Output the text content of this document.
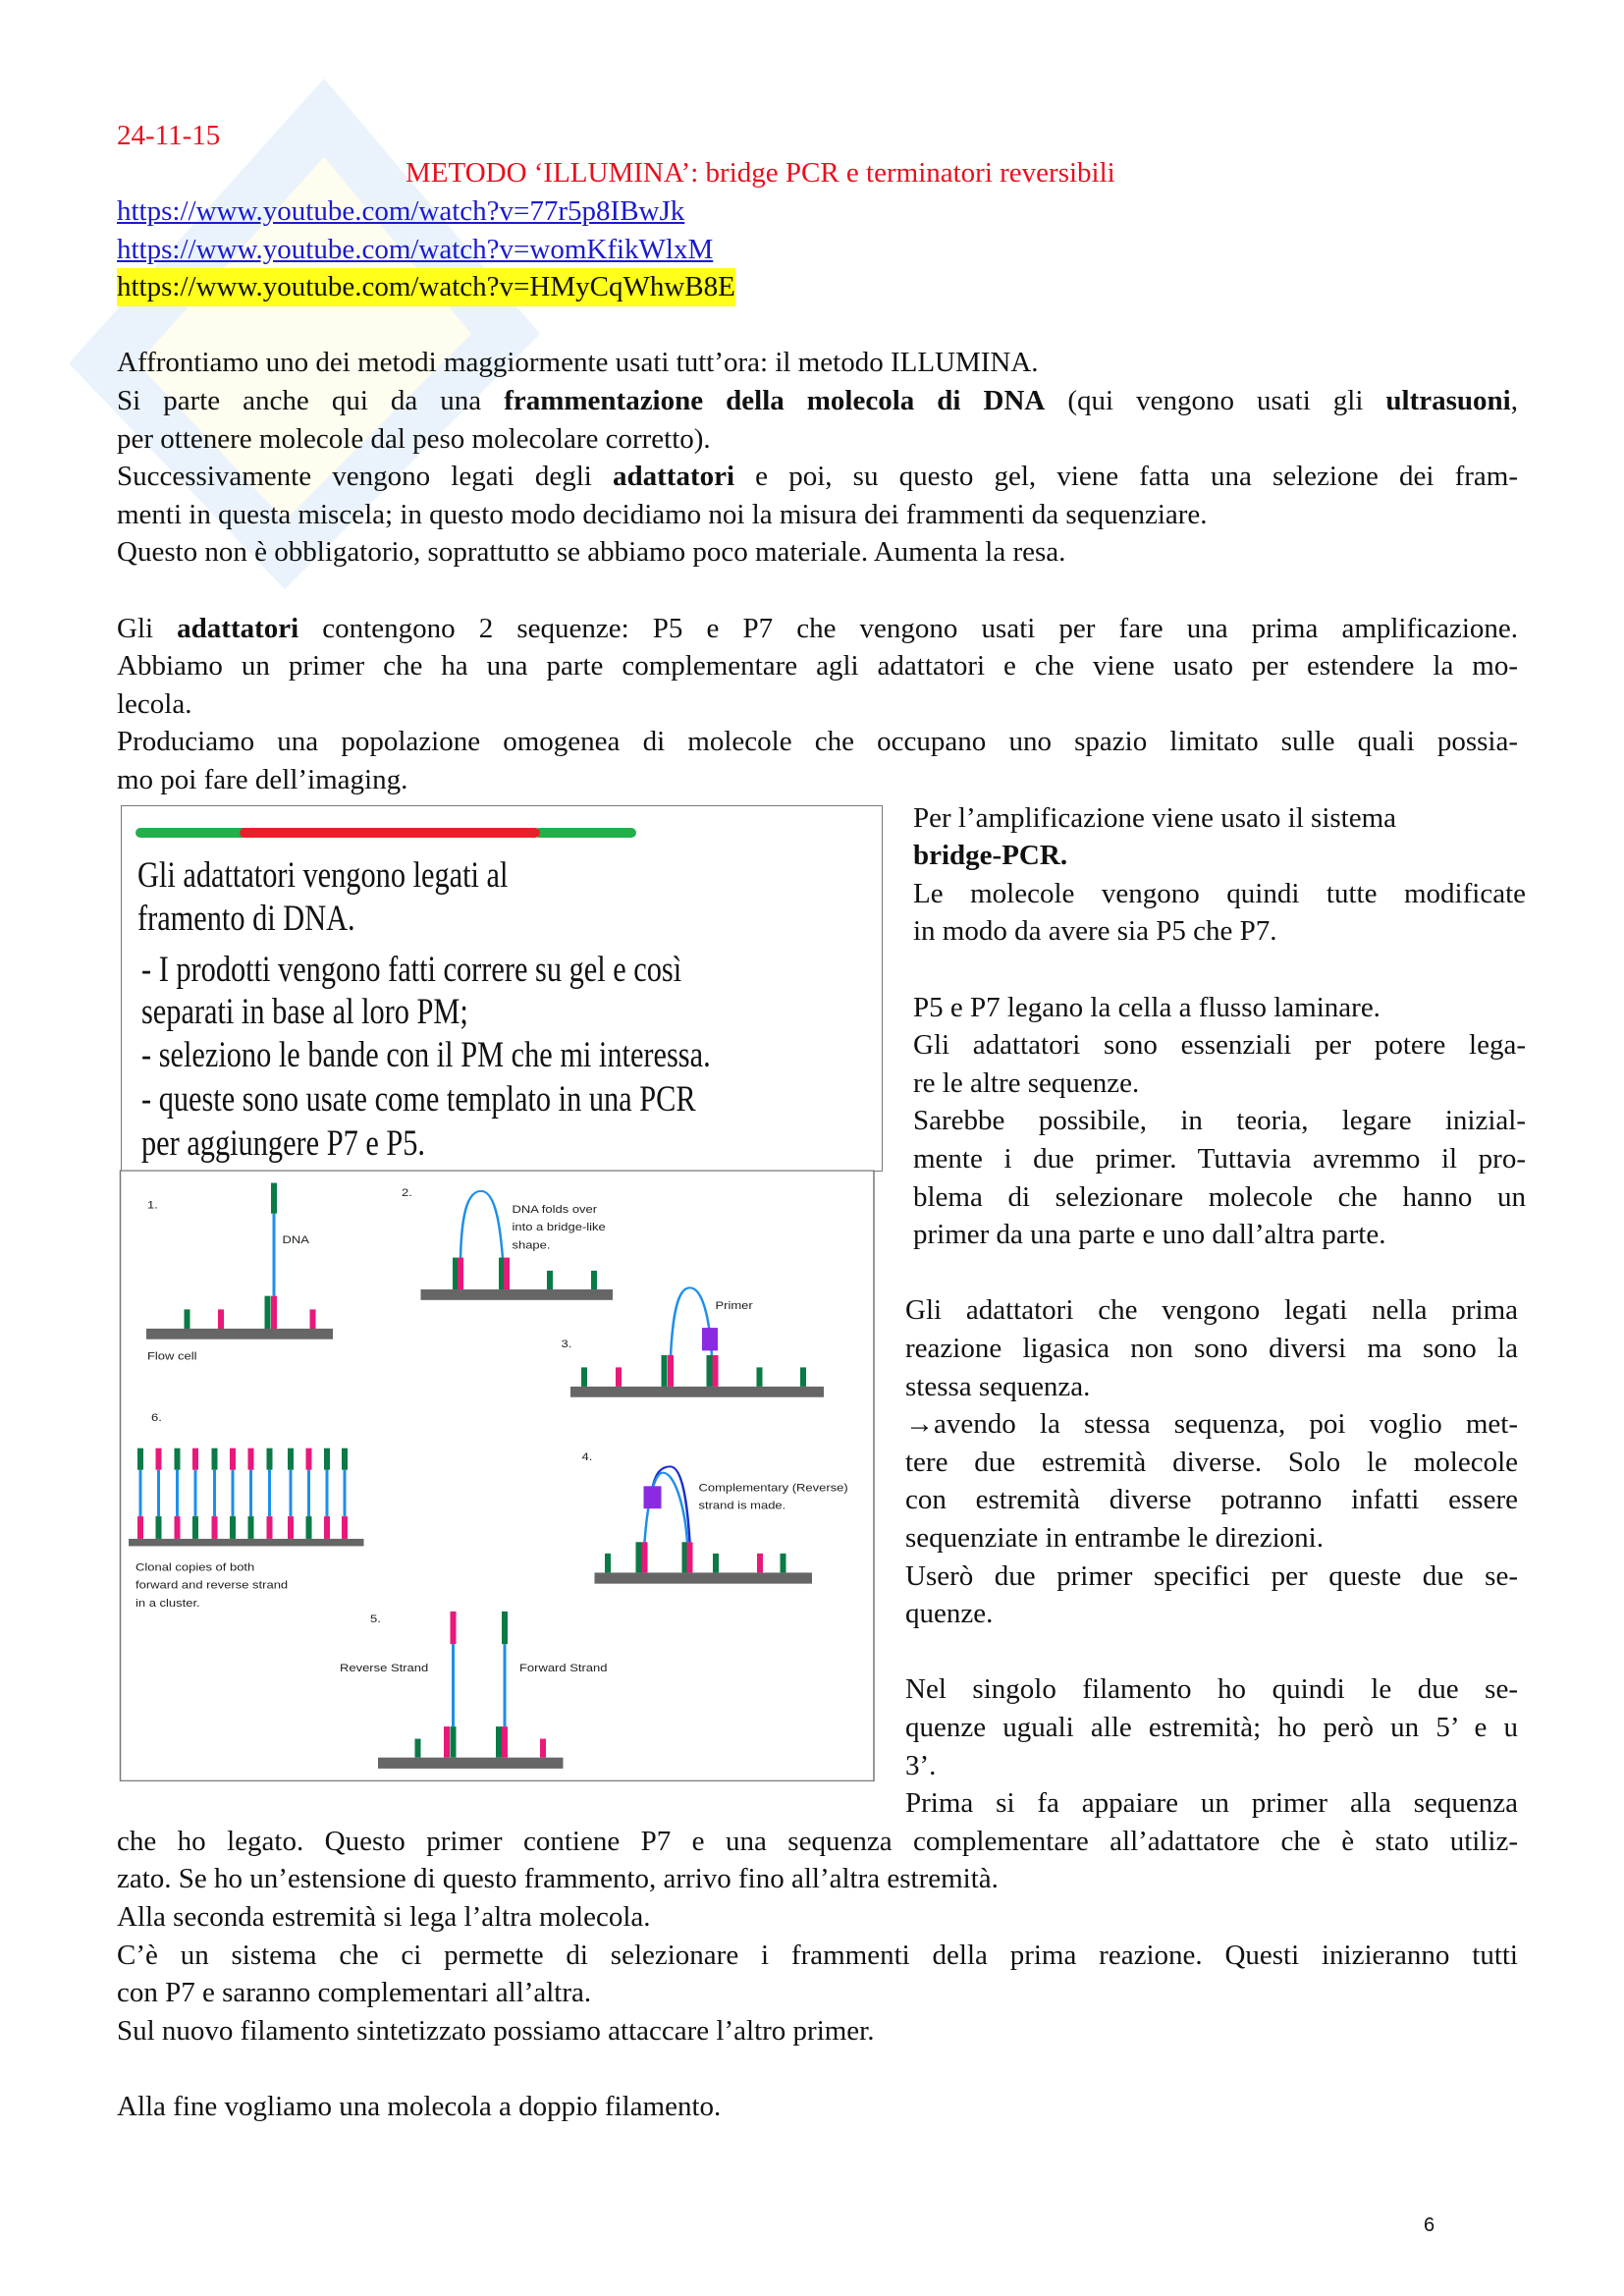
24-11-15
METODO ‘ILLUMINA’: bridge PCR e terminatori reversibili
https://www.youtube.com/watch?v=77r5p8IBwJk
https://www.youtube.com/watch?v=womKfikWlxM
https://www.youtube.com/watch?v=HMyCqWhwB8E
Affrontiamo uno dei metodi maggiormente usati tutt’ora: il metodo ILLUMINA.
Si parte anche qui da una frammentazione della molecola di DNA (qui vengono usati gli ultrasuoni,
per ottenere molecole dal peso molecolare corretto).
Successivamente vengono legati degli adattatori e poi, su questo gel, viene fatta una selezione dei fram-
menti in questa miscela; in questo modo decidiamo noi la misura dei frammenti da sequenziare.
Questo non è obbligatorio, soprattutto se abbiamo poco materiale. Aumenta la resa.
Gli adattatori contengono 2 sequenze: P5 e P7 che vengono usati per fare una prima amplificazione.
Abbiamo un primer che ha una parte complementare agli adattatori e che viene usato per estendere la mo-
lecola.
Produciamo una popolazione omogenea di molecole che occupano uno spazio limitato sulle quali possia-
mo poi fare dell’imaging.
Gli adattatori vengono legati al
framento di DNA.
- I prodotti vengono fatti correre su gel e così
separati in base al loro PM;
- seleziono le bande con il PM che mi interessa.
- queste sono usate come templato in una PCR
per aggiungere P7 e P5.
1.
DNA
Flow cell
2.
DNA folds over
into a bridge-like
shape.
3.
Primer
4.
Complementary (Reverse)
strand is made.
5.
Reverse Strand	Forward Strand
6.
Clonal copies of both
forward and reverse strand
in a cluster.
Per l’amplificazione viene usato il sistema
bridge-PCR.
Le molecole vengono quindi tutte modificate
in modo da avere sia P5 che P7.
P5 e P7 legano la cella a flusso laminare.
Gli adattatori sono essenziali per potere lega-
re le altre sequenze.
Sarebbe possibile, in teoria, legare inizial-
mente i due primer. Tuttavia avremmo il pro-
blema di selezionare molecole che hanno un
primer da una parte e uno dall’altra parte.
Gli adattatori che vengono legati nella prima
reazione ligasica non sono diversi ma sono la
stessa sequenza.
→avendo la stessa sequenza, poi voglio met-
tere due estremità diverse. Solo le molecole
con estremità diverse potranno infatti essere
sequenziate in entrambe le direzioni.
Userò due primer specifici per queste due se-
quenze.
Nel singolo filamento ho quindi le due se-
quenze uguali alle estremità; ho però un 5’ e u
3’.
Prima si fa appaiare un primer alla sequenza
che ho legato. Questo primer contiene P7 e una sequenza complementare all’adattatore che è stato utiliz-
zato. Se ho un’estensione di questo frammento, arrivo fino all’altra estremità.
Alla seconda estremità si lega l’altra molecola.
C’è un sistema che ci permette di selezionare i frammenti della prima reazione. Questi inizieranno tutti
con P7 e saranno complementari all’altra.
Sul nuovo filamento sintetizzato possiamo attaccare l’altro primer.
Alla fine vogliamo una molecola a doppio filamento.
6
